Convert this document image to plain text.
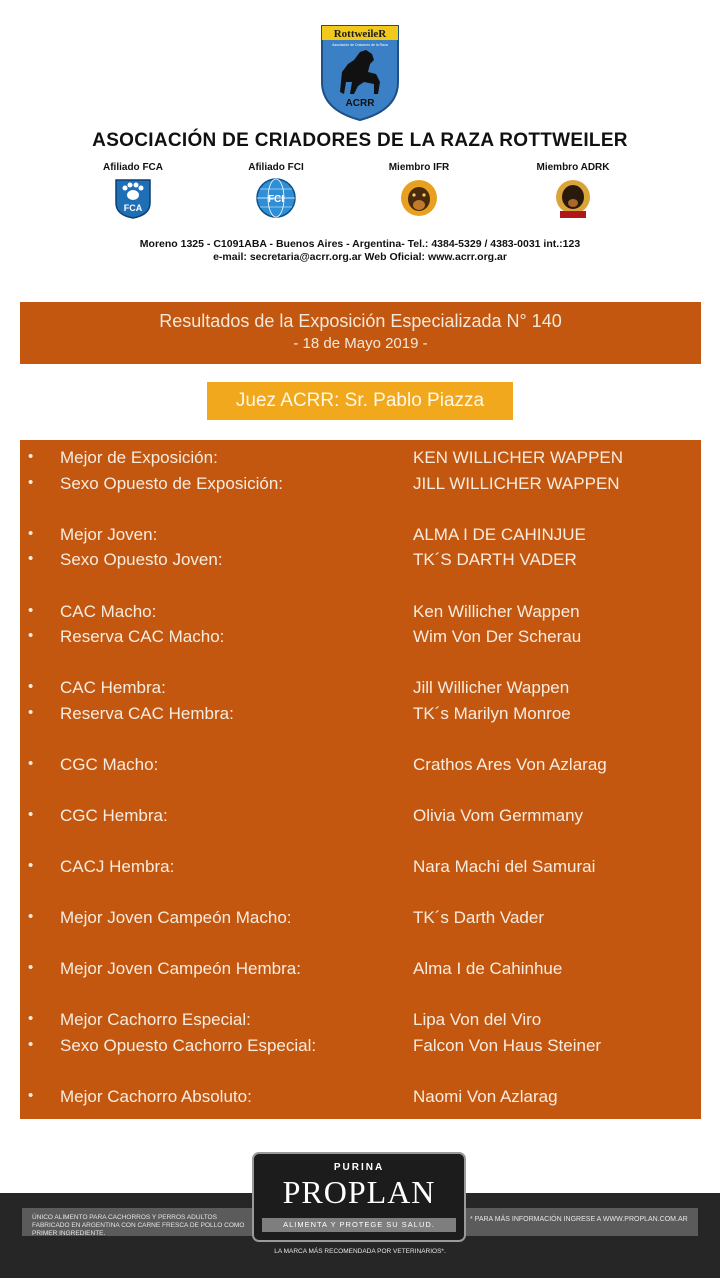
RottweileR
Asociación de Criadores de la Raza
ACRR
ASOCIACIÓN DE CRIADORES DE LA RAZA ROTTWEILER
Afiliado FCA
FCA
Afiliado FCI
FCI
Miembro IFR	Miembro ADRK
Moreno 1325 - C1091ABA - Buenos Aires - Argentina- Tel.: 4384-5329 / 4383-0031 int.:123
e-mail: secretaria@acrr.org.ar Web Oficial: www.acrr.org.ar
Resultados de la Exposición Especializada N° 140
- 18 de Mayo 2019 -
Juez ACRR: Sr. Pablo Piazza
• Mejor de Exposición:	KEN WILLICHER WAPPEN
• Sexo Opuesto de Exposición:	JILL WILLICHER WAPPEN
• Mejor Joven:	ALMA I DE CAHINJUE
• Sexo Opuesto Joven:	TK´S DARTH VADER
• CAC Macho:	Ken Willicher Wappen
• Reserva CAC Macho:	Wim Von Der Scherau
• CAC Hembra:	Jill Willicher Wappen
• Reserva CAC Hembra:	TK´s Marilyn Monroe
• CGC Macho:	Crathos Ares Von Azlarag
• CGC Hembra:	Olivia Vom Germmany
• CACJ Hembra:	Nara Machi del Samurai
• Mejor Joven Campeón Macho:	TK´s Darth Vader
• Mejor Joven Campeón Hembra:	Alma I de Cahinhue
• Mejor Cachorro Especial:	Lipa Von del Viro
• Sexo Opuesto Cachorro Especial:	Falcon Von Haus Steiner
• Mejor Cachorro Absoluto:	Naomi Von Azlarag
ÚNICO ALIMENTO PARA CACHORROS Y PERROS ADULTOS FABRICADO EN ARGENTINA CON CARNE FRESCA DE POLLO COMO PRIMER INGREDIENTE.
* PARA MÁS INFORMACIÓN INGRESE A WWW.PROPLAN.COM.AR
PURINA
PROPLAN
ALIMENTA Y PROTEGE SU SALUD.
LA MARCA MÁS RECOMENDADA POR VETERINARIOS*.
